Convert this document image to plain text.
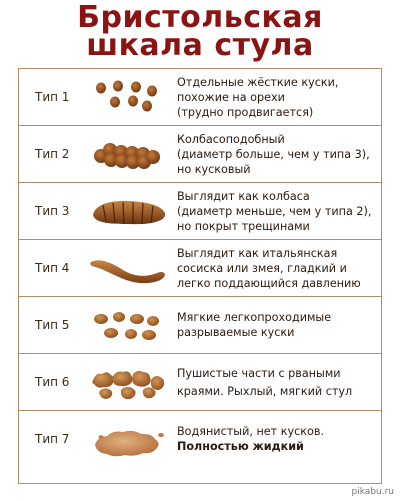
Бристольская
шкала стула
Тип 1
Отдельные жёсткие куски,
похожие на орехи
(трудно продвигается)
Тип 2
Колбасоподобный
(диаметр больше, чем у типа 3),
но кусковый
Тип 3
Выглядит как колбаса
(диаметр меньше, чем у типа 2),
но покрыт трещинами
Тип 4
Выглядит как итальянская
сосиска или змея, гладкий и
легко поддающийся давлению
Тип 5
Мягкие легкопроходимые
разрываемые куски
Тип 6
Пушистые части с рваными
краями. Рыхлый, мягкий стул
Тип 7
Водянистый, нет кусков.
Полностью жидкий
pikabu.ru
